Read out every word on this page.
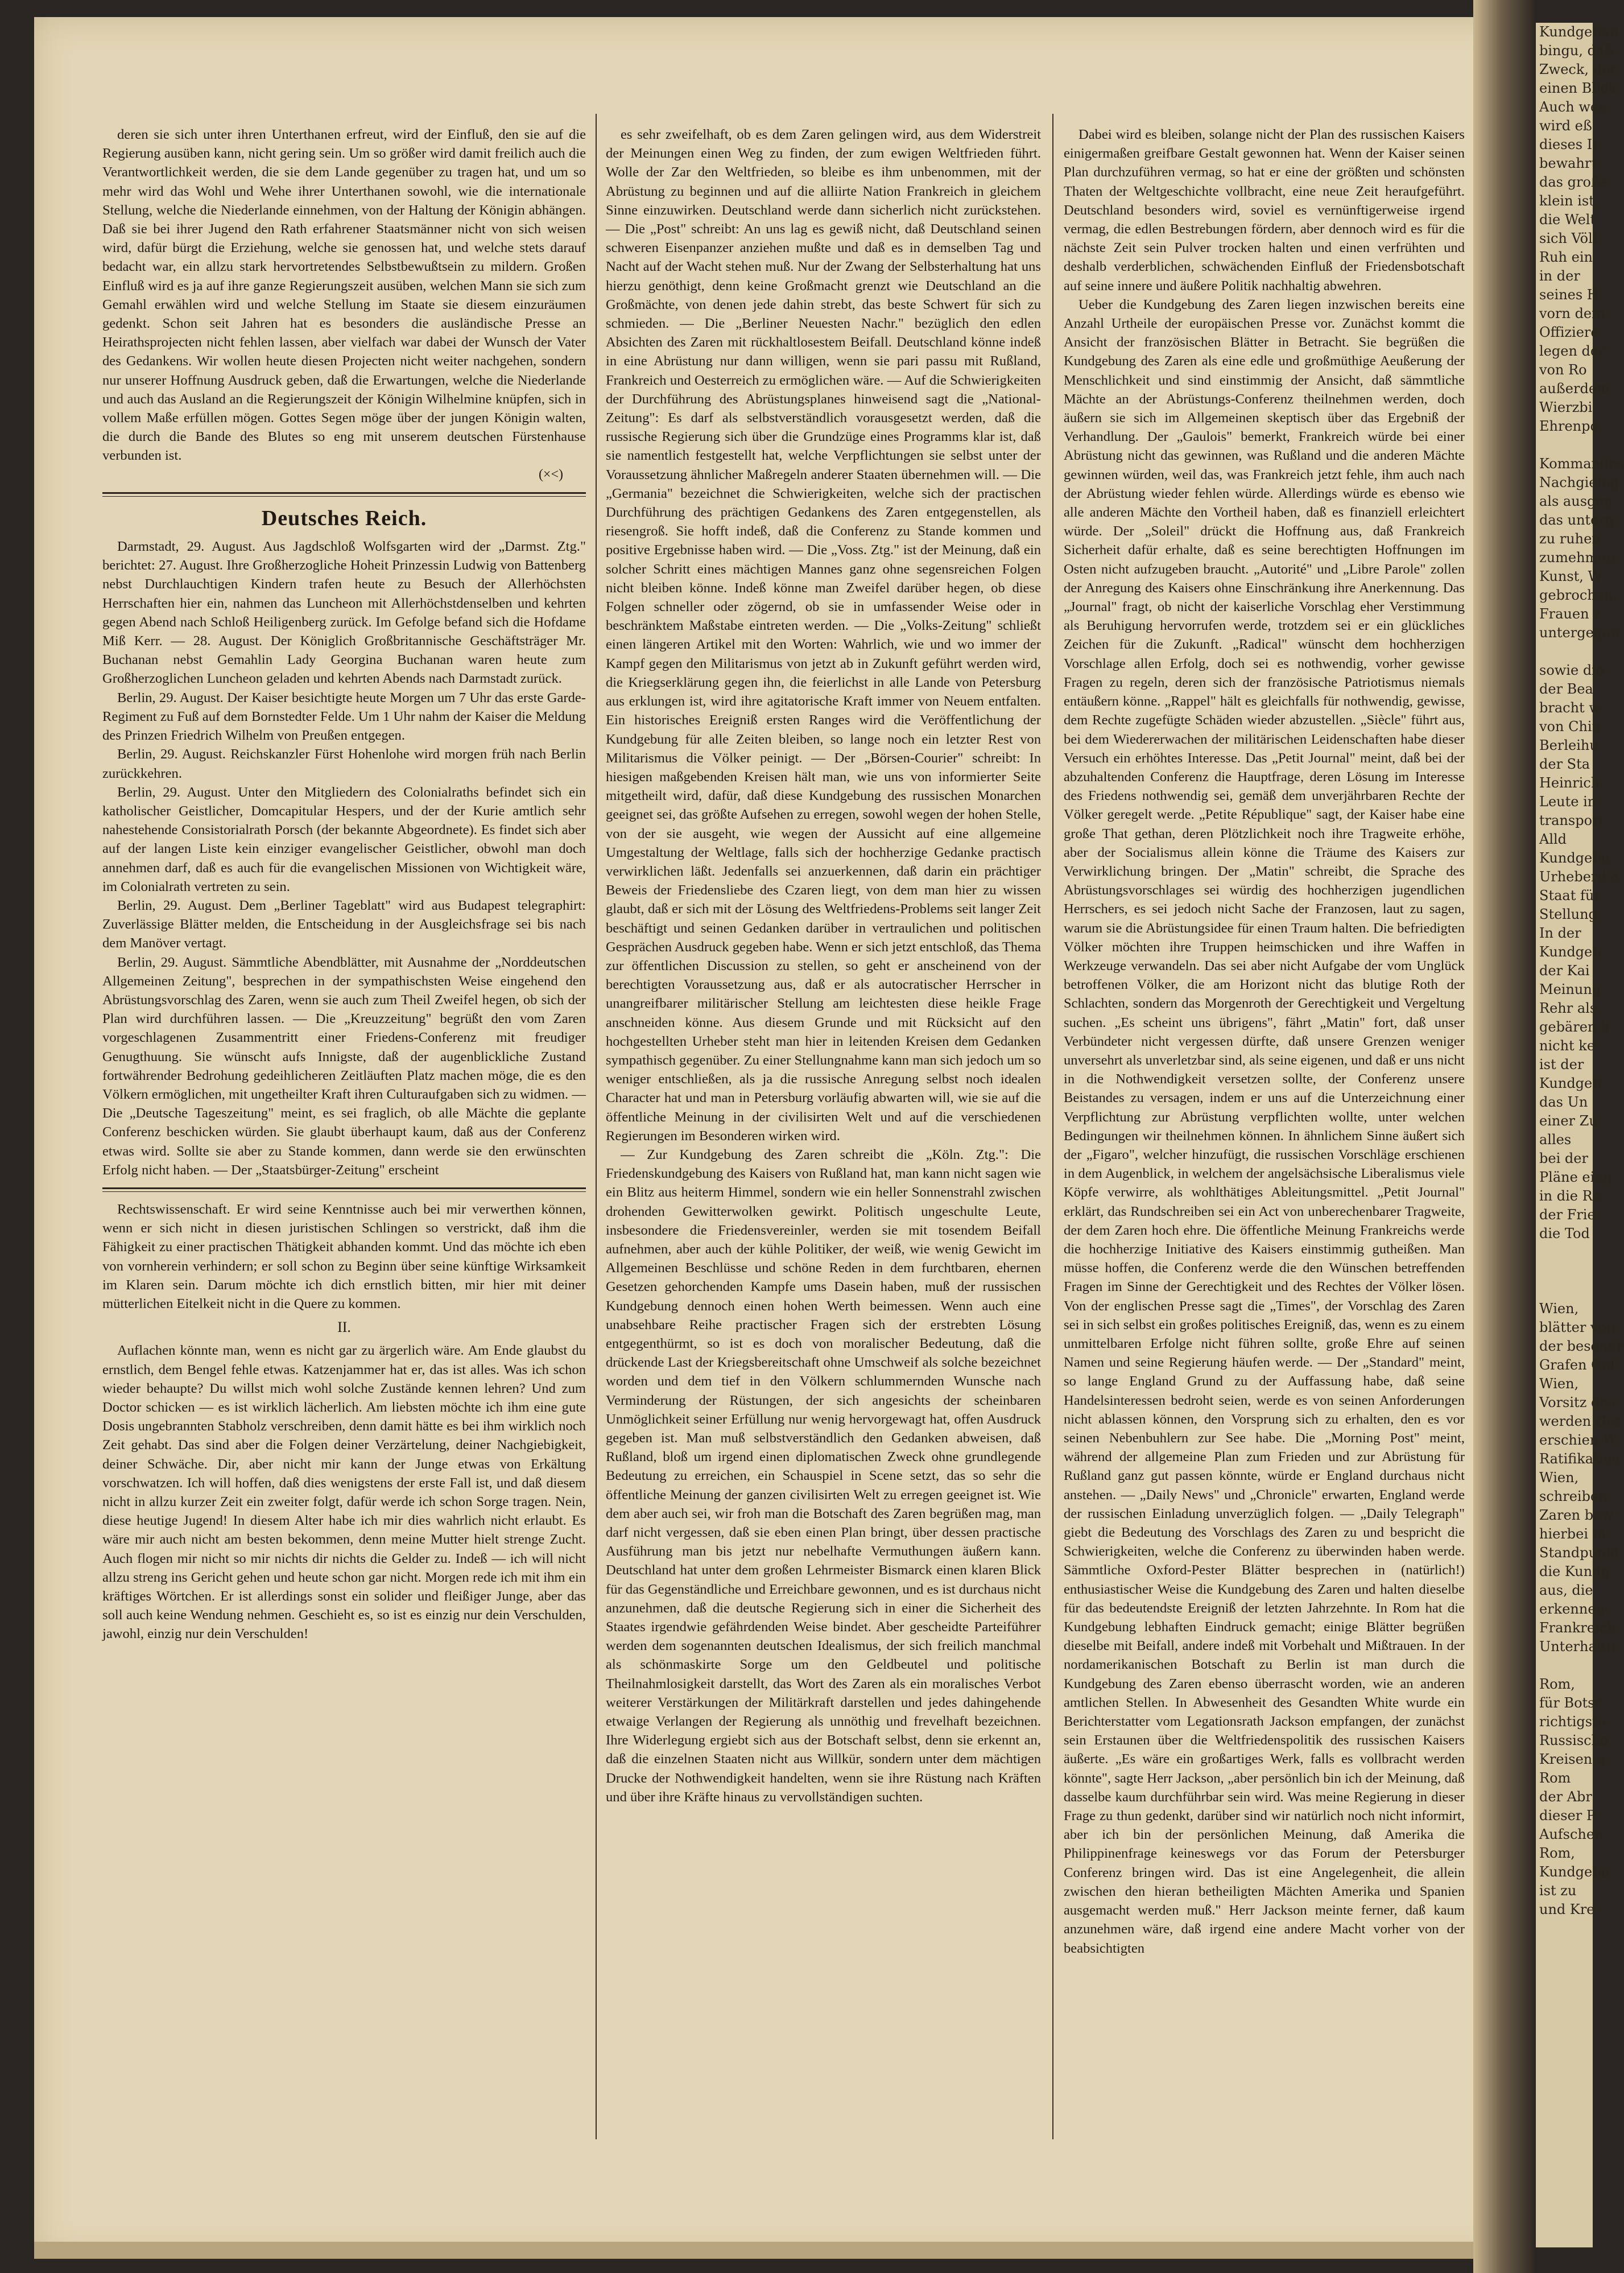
deren sie sich unter ihren Unterthanen erfreut, wird der Einfluß, den sie auf die Regierung ausüben kann, nicht gering sein. Um so größer wird damit freilich auch die Verantwortlichkeit werden, die sie dem Lande gegenüber zu tragen hat, und um so mehr wird das Wohl und Wehe ihrer Unterthanen sowohl, wie die internationale Stellung, welche die Niederlande einnehmen, von der Haltung der Königin abhängen. Daß sie bei ihrer Jugend den Rath erfahrener Staatsmänner nicht von sich weisen wird, dafür bürgt die Erziehung, welche sie genossen hat, und welche stets darauf bedacht war, ein allzu stark hervortretendes Selbstbewußtsein zu mildern. Großen Einfluß wird es ja auf ihre ganze Regierungszeit ausüben, welchen Mann sie sich zum Gemahl erwählen wird und welche Stellung im Staate sie diesem einzuräumen gedenkt. Schon seit Jahren hat es besonders die ausländische Presse an Heirathsprojecten nicht fehlen lassen, aber vielfach war dabei der Wunsch der Vater des Gedankens. Wir wollen heute diesen Projecten nicht weiter nachgehen, sondern nur unserer Hoffnung Ausdruck geben, daß die Erwartungen, welche die Niederlande und auch das Ausland an die Regierungszeit der Königin Wilhelmine knüpfen, sich in vollem Maße erfüllen mögen. Gottes Segen möge über der jungen Königin walten, die durch die Bande des Blutes so eng mit unserem deutschen Fürstenhause verbunden ist.

(×<)
Deutsches Reich.

Darmstadt, 29. August. Aus Jagdschloß Wolfsgarten wird der „Darmst. Ztg." berichtet: 27. August. Ihre Großherzogliche Hoheit Prinzessin Ludwig von Battenberg nebst Durchlauchtigen Kindern trafen heute zu Besuch der Allerhöchsten Herrschaften hier ein, nahmen das Luncheon mit Allerhöchstdenselben und kehrten gegen Abend nach Schloß Heiligenberg zurück. Im Gefolge befand sich die Hofdame Miß Kerr. — 28. August. Der Königlich Großbritannische Geschäftsträger Mr. Buchanan nebst Gemahlin Lady Georgina Buchanan waren heute zum Großherzoglichen Luncheon geladen und kehrten Abends nach Darmstadt zurück.

Berlin, 29. August. Der Kaiser besichtigte heute Morgen um 7 Uhr das erste Garde-Regiment zu Fuß auf dem Bornstedter Felde. Um 1 Uhr nahm der Kaiser die Meldung des Prinzen Friedrich Wilhelm von Preußen entgegen.

Berlin, 29. August. Reichskanzler Fürst Hohenlohe wird morgen früh nach Berlin zurückkehren.

Berlin, 29. August. Unter den Mitgliedern des Colonialraths befindet sich ein katholischer Geistlicher, Domcapitular Hespers, und der der Kurie amtlich sehr nahestehende Consistorialrath Porsch (der bekannte Abgeordnete). Es findet sich aber auf der langen Liste kein einziger evangelischer Geistlicher, obwohl man doch annehmen darf, daß es auch für die evangelischen Missionen von Wichtigkeit wäre, im Colonialrath vertreten zu sein.

Berlin, 29. August. Dem „Berliner Tageblatt" wird aus Budapest telegraphirt: Zuverlässige Blätter melden, die Entscheidung in der Ausgleichsfrage sei bis nach dem Manöver vertagt.

Berlin, 29. August. Sämmtliche Abendblätter, mit Ausnahme der „Norddeutschen Allgemeinen Zeitung", besprechen in der sympathischsten Weise eingehend den Abrüstungsvorschlag des Zaren, wenn sie auch zum Theil Zweifel hegen, ob sich der Plan wird durchführen lassen. — Die „Kreuzzeitung" begrüßt den vom Zaren vorgeschlagenen Zusammentritt einer Friedens-Conferenz mit freudiger Genugthuung. Sie wünscht aufs Innigste, daß der augenblickliche Zustand fortwährender Bedrohung gedeihlicheren Zeitläuften Platz machen möge, die es den Völkern ermöglichen, mit ungetheilter Kraft ihren Culturaufgaben sich zu widmen. — Die „Deutsche Tageszeitung" meint, es sei fraglich, ob alle Mächte die geplante Conferenz beschicken würden. Sie glaubt überhaupt kaum, daß aus der Conferenz etwas wird. Sollte sie aber zu Stande kommen, dann werde sie den erwünschten Erfolg nicht haben. — Der „Staatsbürger-Zeitung" erscheint

Rechtswissenschaft. Er wird seine Kenntnisse auch bei mir verwerthen können, wenn er sich nicht in diesen juristischen Schlingen so verstrickt, daß ihm die Fähigkeit zu einer practischen Thätigkeit abhanden kommt. Und das möchte ich eben von vornherein verhindern; er soll schon zu Beginn über seine künftige Wirksamkeit im Klaren sein. Darum möchte ich dich ernstlich bitten, mir hier mit deiner mütterlichen Eitelkeit nicht in die Quere zu kommen.

II.

Auflachen könnte man, wenn es nicht gar zu ärgerlich wäre. Am Ende glaubst du ernstlich, dem Bengel fehle etwas. Katzenjammer hat er, das ist alles. Was ich schon wieder behaupte? Du willst mich wohl solche Zustände kennen lehren? Und zum Doctor schicken — es ist wirklich lächerlich. Am liebsten möchte ich ihm eine gute Dosis ungebrannten Stabholz verschreiben, denn damit hätte es bei ihm wirklich noch Zeit gehabt. Das sind aber die Folgen deiner Verzärtelung, deiner Nachgiebigkeit, deiner Schwäche. Dir, aber nicht mir kann der Junge etwas von Erkältung vorschwatzen. Ich will hoffen, daß dies wenigstens der erste Fall ist, und daß diesem nicht in allzu kurzer Zeit ein zweiter folgt, dafür werde ich schon Sorge tragen. Nein, diese heutige Jugend! In diesem Alter habe ich mir dies wahrlich nicht erlaubt. Es wäre mir auch nicht am besten bekommen, denn meine Mutter hielt strenge Zucht. Auch flogen mir nicht so mir nichts dir nichts die Gelder zu. Indeß — ich will nicht allzu streng ins Gericht gehen und heute schon gar nicht. Morgen rede ich mit ihm ein kräftiges Wörtchen. Er ist allerdings sonst ein solider und fleißiger Junge, aber das soll auch keine Wendung nehmen. Geschieht es, so ist es einzig nur dein Verschulden, jawohl, einzig nur dein Verschulden!

es sehr zweifelhaft, ob es dem Zaren gelingen wird, aus dem Widerstreit der Meinungen einen Weg zu finden, der zum ewigen Weltfrieden führt. Wolle der Zar den Weltfrieden, so bleibe es ihm unbenommen, mit der Abrüstung zu beginnen und auf die alliirte Nation Frankreich in gleichem Sinne einzuwirken. Deutschland werde dann sicherlich nicht zurückstehen. — Die „Post" schreibt: An uns lag es gewiß nicht, daß Deutschland seinen schweren Eisenpanzer anziehen mußte und daß es in demselben Tag und Nacht auf der Wacht stehen muß. Nur der Zwang der Selbsterhaltung hat uns hierzu genöthigt, denn keine Großmacht grenzt wie Deutschland an die Großmächte, von denen jede dahin strebt, das beste Schwert für sich zu schmieden. — Die „Berliner Neuesten Nachr." bezüglich den edlen Absichten des Zaren mit rückhaltlosestem Beifall. Deutschland könne indeß in eine Abrüstung nur dann willigen, wenn sie pari passu mit Rußland, Frankreich und Oesterreich zu ermöglichen wäre. — Auf die Schwierigkeiten der Durchführung des Abrüstungsplanes hinweisend sagt die „National-Zeitung": Es darf als selbstverständlich vorausgesetzt werden, daß die russische Regierung sich über die Grundzüge eines Programms klar ist, daß sie namentlich festgestellt hat, welche Verpflichtungen sie selbst unter der Voraussetzung ähnlicher Maßregeln anderer Staaten übernehmen will. — Die „Germania" bezeichnet die Schwierigkeiten, welche sich der practischen Durchführung des prächtigen Gedankens des Zaren entgegenstellen, als riesengroß. Sie hofft indeß, daß die Conferenz zu Stande kommen und positive Ergebnisse haben wird. — Die „Voss. Ztg." ist der Meinung, daß ein solcher Schritt eines mächtigen Mannes ganz ohne segensreichen Folgen nicht bleiben könne. Indeß könne man Zweifel darüber hegen, ob diese Folgen schneller oder zögernd, ob sie in umfassender Weise oder in beschränktem Maßstabe eintreten werden. — Die „Volks-Zeitung" schließt einen längeren Artikel mit den Worten: Wahrlich, wie und wo immer der Kampf gegen den Militarismus von jetzt ab in Zukunft geführt werden wird, die Kriegserklärung gegen ihn, die feierlichst in alle Lande von Petersburg aus erklungen ist, wird ihre agitatorische Kraft immer von Neuem entfalten. Ein historisches Ereigniß ersten Ranges wird die Veröffentlichung der Kundgebung für alle Zeiten bleiben, so lange noch ein letzter Rest von Militarismus die Völker peinigt. — Der „Börsen-Courier" schreibt: In hiesigen maßgebenden Kreisen hält man, wie uns von informierter Seite mitgetheilt wird, dafür, daß diese Kundgebung des russischen Monarchen geeignet sei, das größte Aufsehen zu erregen, sowohl wegen der hohen Stelle, von der sie ausgeht, wie wegen der Aussicht auf eine allgemeine Umgestaltung der Weltlage, falls sich der hochherzige Gedanke practisch verwirklichen läßt. Jedenfalls sei anzuerkennen, daß darin ein prächtiger Beweis der Friedensliebe des Czaren liegt, von dem man hier zu wissen glaubt, daß er sich mit der Lösung des Weltfriedens-Problems seit langer Zeit beschäftigt und seinen Gedanken darüber in vertraulichen und politischen Gesprächen Ausdruck gegeben habe. Wenn er sich jetzt entschloß, das Thema zur öffentlichen Discussion zu stellen, so geht er anscheinend von der berechtigten Voraussetzung aus, daß er als autocratischer Herrscher in unangreifbarer militärischer Stellung am leichtesten diese heikle Frage anschneiden könne. Aus diesem Grunde und mit Rücksicht auf den hochgestellten Urheber steht man hier in leitenden Kreisen dem Gedanken sympathisch gegenüber. Zu einer Stellungnahme kann man sich jedoch um so weniger entschließen, als ja die russische Anregung selbst noch idealen Character hat und man in Petersburg vorläufig abwarten will, wie sie auf die öffentliche Meinung in der civilisirten Welt und auf die verschiedenen Regierungen im Besonderen wirken wird.

— Zur Kundgebung des Zaren schreibt die „Köln. Ztg.": Die Friedenskundgebung des Kaisers von Rußland hat, man kann nicht sagen wie ein Blitz aus heiterm Himmel, sondern wie ein heller Sonnenstrahl zwischen drohenden Gewitterwolken gewirkt. Politisch ungeschulte Leute, insbesondere die Friedensvereinler, werden sie mit tosendem Beifall aufnehmen, aber auch der kühle Politiker, der weiß, wie wenig Gewicht im Allgemeinen Beschlüsse und schöne Reden in dem furchtbaren, ehernen Gesetzen gehorchenden Kampfe ums Dasein haben, muß der russischen Kundgebung dennoch einen hohen Werth beimessen. Wenn auch eine unabsehbare Reihe practischer Fragen sich der erstrebten Lösung entgegenthürmt, so ist es doch von moralischer Bedeutung, daß die drückende Last der Kriegsbereitschaft ohne Umschweif als solche bezeichnet worden und dem tief in den Völkern schlummernden Wunsche nach Verminderung der Rüstungen, der sich angesichts der scheinbaren Unmöglichkeit seiner Erfüllung nur wenig hervorgewagt hat, offen Ausdruck gegeben ist. Man muß selbstverständlich den Gedanken abweisen, daß Rußland, bloß um irgend einen diplomatischen Zweck ohne grundlegende Bedeutung zu erreichen, ein Schauspiel in Scene setzt, das so sehr die öffentliche Meinung der ganzen civilisirten Welt zu erregen geeignet ist. Wie dem aber auch sei, wir froh man die Botschaft des Zaren begrüßen mag, man darf nicht vergessen, daß sie eben einen Plan bringt, über dessen practische Ausführung man bis jetzt nur nebelhafte Vermuthungen äußern kann. Deutschland hat unter dem großen Lehrmeister Bismarck einen klaren Blick für das Gegenständliche und Erreichbare gewonnen, und es ist durchaus nicht anzunehmen, daß die deutsche Regierung sich in einer die Sicherheit des Staates irgendwie gefährdenden Weise bindet. Aber gescheidte Parteiführer werden dem sogenannten deutschen Idealismus, der sich freilich manchmal als schönmaskirte Sorge um den Geldbeutel und politische Theilnahmlosigkeit darstellt, das Wort des Zaren als ein moralisches Verbot weiterer Verstärkungen der Militärkraft darstellen und jedes dahingehende etwaige Verlangen der Regierung als unnöthig und frevelhaft bezeichnen. Ihre Widerlegung ergiebt sich aus der Botschaft selbst, denn sie erkennt an, daß die einzelnen Staaten nicht aus Willkür, sondern unter dem mächtigen Drucke der Nothwendigkeit handelten, wenn sie ihre Rüstung nach Kräften und über ihre Kräfte hinaus zu vervollständigen suchten.

Dabei wird es bleiben, solange nicht der Plan des russischen Kaisers einigermaßen greifbare Gestalt gewonnen hat. Wenn der Kaiser seinen Plan durchzuführen vermag, so hat er eine der größten und schönsten Thaten der Weltgeschichte vollbracht, eine neue Zeit heraufgeführt. Deutschland besonders wird, soviel es vernünftigerweise irgend vermag, die edlen Bestrebungen fördern, aber dennoch wird es für die nächste Zeit sein Pulver trocken halten und einen verfrühten und deshalb verderblichen, schwächenden Einfluß der Friedensbotschaft auf seine innere und äußere Politik nachhaltig abwehren.

Ueber die Kundgebung des Zaren liegen inzwischen bereits eine Anzahl Urtheile der europäischen Presse vor. Zunächst kommt die Ansicht der französischen Blätter in Betracht. Sie begrüßen die Kundgebung des Zaren als eine edle und großmüthige Aeußerung der Menschlichkeit und sind einstimmig der Ansicht, daß sämmtliche Mächte an der Abrüstungs-Conferenz theilnehmen werden, doch äußern sie sich im Allgemeinen skeptisch über das Ergebniß der Verhandlung. Der „Gaulois" bemerkt, Frankreich würde bei einer Abrüstung nicht das gewinnen, was Rußland und die anderen Mächte gewinnen würden, weil das, was Frankreich jetzt fehle, ihm auch nach der Abrüstung wieder fehlen würde. Allerdings würde es ebenso wie alle anderen Mächte den Vortheil haben, daß es finanziell erleichtert würde. Der „Soleil" drückt die Hoffnung aus, daß Frankreich Sicherheit dafür erhalte, daß es seine berechtigten Hoffnungen im Osten nicht aufzugeben braucht. „Autorité" und „Libre Parole" zollen der Anregung des Kaisers ohne Einschränkung ihre Anerkennung. Das „Journal" fragt, ob nicht der kaiserliche Vorschlag eher Verstimmung als Beruhigung hervorrufen werde, trotzdem sei er ein glückliches Zeichen für die Zukunft. „Radical" wünscht dem hochherzigen Vorschlage allen Erfolg, doch sei es nothwendig, vorher gewisse Fragen zu regeln, deren sich der französische Patriotismus niemals entäußern könne. „Rappel" hält es gleichfalls für nothwendig, gewisse, dem Rechte zugefügte Schäden wieder abzustellen. „Siècle" führt aus, bei dem Wiedererwachen der militärischen Leidenschaften habe dieser Versuch ein erhöhtes Interesse. Das „Petit Journal" meint, daß bei der abzuhaltenden Conferenz die Hauptfrage, deren Lösung im Interesse des Friedens nothwendig sei, gemäß dem unverjährbaren Rechte der Völker geregelt werde. „Petite République" sagt, der Kaiser habe eine große That gethan, deren Plötzlichkeit noch ihre Tragweite erhöhe, aber der Socialismus allein könne die Träume des Kaisers zur Verwirklichung bringen. Der „Matin" schreibt, die Sprache des Abrüstungsvorschlages sei würdig des hochherzigen jugendlichen Herrschers, es sei jedoch nicht Sache der Franzosen, laut zu sagen, warum sie die Abrüstungsidee für einen Traum halten. Die befriedigten Völker möchten ihre Truppen heimschicken und ihre Waffen in Werkzeuge verwandeln. Das sei aber nicht Aufgabe der vom Unglück betroffenen Völker, die am Horizont nicht das blutige Roth der Schlachten, sondern das Morgenroth der Gerechtigkeit und Vergeltung suchen. „Es scheint uns übrigens", fährt „Matin" fort, daß unser Verbündeter nicht vergessen dürfte, daß unsere Grenzen weniger unversehrt als unverletzbar sind, als seine eigenen, und daß er uns nicht in die Nothwendigkeit versetzen sollte, der Conferenz unsere Beistandes zu versagen, indem er uns auf die Unterzeichnung einer Verpflichtung zur Abrüstung verpflichten wollte, unter welchen Bedingungen wir theilnehmen können. In ähnlichem Sinne äußert sich der „Figaro", welcher hinzufügt, die russischen Vorschläge erschienen in dem Augenblick, in welchem der angelsächsische Liberalismus viele Köpfe verwirre, als wohlthätiges Ableitungsmittel. „Petit Journal" erklärt, das Rundschreiben sei ein Act von unberechenbarer Tragweite, der dem Zaren hoch ehre. Die öffentliche Meinung Frankreichs werde die hochherzige Initiative des Kaisers einstimmig gutheißen. Man müsse hoffen, die Conferenz werde die den Wünschen betreffenden Fragen im Sinne der Gerechtigkeit und des Rechtes der Völker lösen. Von der englischen Presse sagt die „Times", der Vorschlag des Zaren sei in sich selbst ein großes politisches Ereigniß, das, wenn es zu einem unmittelbaren Erfolge nicht führen sollte, große Ehre auf seinen Namen und seine Regierung häufen werde. — Der „Standard" meint, so lange England Grund zu der Auffassung habe, daß seine Handelsinteressen bedroht seien, werde es von seinen Anforderungen nicht ablassen können, den Vorsprung sich zu erhalten, den es vor seinen Nebenbuhlern zur See habe. Die „Morning Post" meint, während der allgemeine Plan zum Frieden und zur Abrüstung für Rußland ganz gut passen könnte, würde er England durchaus nicht anstehen. — „Daily News" und „Chronicle" erwarten, England werde der russischen Einladung unverzüglich folgen. — „Daily Telegraph" giebt die Bedeutung des Vorschlags des Zaren zu und bespricht die Schwierigkeiten, welche die Conferenz zu überwinden haben werde. Sämmtliche Oxford-Pester Blätter besprechen in (natürlich!) enthusiastischer Weise die Kundgebung des Zaren und halten dieselbe für das bedeutendste Ereigniß der letzten Jahrzehnte. In Rom hat die Kundgebung lebhaften Eindruck gemacht; einige Blätter begrüßen dieselbe mit Beifall, andere indeß mit Vorbehalt und Mißtrauen. In der nordamerikanischen Botschaft zu Berlin ist man durch die Kundgebung des Zaren ebenso überrascht worden, wie an anderen amtlichen Stellen. In Abwesenheit des Gesandten White wurde ein Berichterstatter vom Legationsrath Jackson empfangen, der zunächst sein Erstaunen über die Weltfriedenspolitik des russischen Kaisers äußerte. „Es wäre ein großartiges Werk, falls es vollbracht werden könnte", sagte Herr Jackson, „aber persönlich bin ich der Meinung, daß dasselbe kaum durchführbar sein wird. Was meine Regierung in dieser Frage zu thun gedenkt, darüber sind wir natürlich noch nicht informirt, aber ich bin der persönlichen Meinung, daß Amerika die Philippinenfrage keineswegs vor das Forum der Petersburger Conferenz bringen wird. Das ist eine Angelegenheit, die allein zwischen den hieran betheiligten Mächten Amerika und Spanien ausgemacht werden muß." Herr Jackson meinte ferner, daß kaum anzunehmen wäre, daß irgend eine andere Macht vorher von der beabsichtigten

Kundgebun
bingu, daß
Zweck, der
einen Blick
Auch wen
wird eß
dieses Ir
bewahrt
das große
klein ist,
die Welt
sich Völl
Ruh ein
in der
seines H
vorn dem
Offiziere
legen der
von Ro
außerdem
Wierzbi
Ehrenpo

Kommandos
Nachgiebig
als ausgeg
das unterg
zu ruhen
zumehmen.
Kunst, W
gebrochen,
Frauen z
untergegan

sowie die
der Bea
bracht w
von Chin
Berleihu
der Sta
Heinrich
Leute in
transport
Alld
Kundgebu
Urheberd d
Staat füt
Stellung
In der
Kundgeb
der Kai
Meinung
Rehr als
gebären b
nicht ke
ist der
Kundgeb
das Un
einer Zu
alles
bei der
Pläne eing
in die Ro
der Frie
die Tod

Wien,
blätter von
der besondr
Grafen Gol
Wien,
Vorsitz des
werden Ges
erschien W
Ratifikation
Wien,
schreiben
Zaren bew
hierbei m
Standpunkt
die Kundg
aus, die
erkennen
Frankreich
Unterhaltu

Rom,
für Botsc
richtigste
Russische
Kreisen a
Rom
der Abr
dieser P
Aufschen
Rom,
Kundgebu
ist zu
und Kre
